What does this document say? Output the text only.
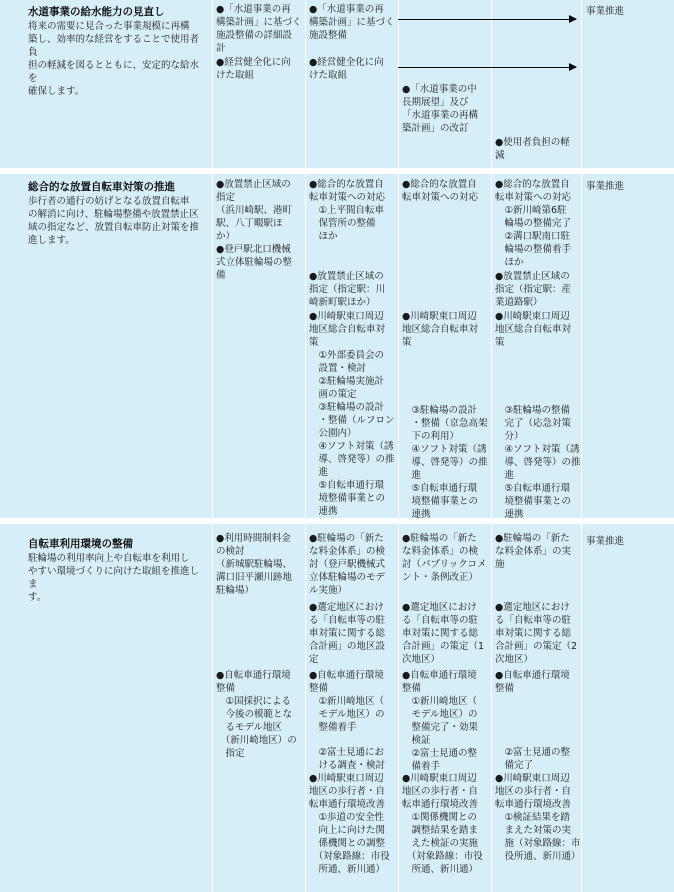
水道事業の給水能力の見直し
将来の需要に見合った事業規模に再構
築し、効率的な経営をすることで使用者負
担の軽減を図るとともに、安定的な給水を
確保します。
●「水道事業の再
構築計画」に基づく
施設整備の詳細設
計
●経営健全化に向
けた取組
●「水道事業の再
構築計画」に基づく
施設整備
●経営健全化に向
けた取組
●「水道事業の中
長期展望」及び
「水道事業の再構
築計画」の改訂
●使用者負担の軽
減
事業推進
総合的な放置自転車対策の推進
歩行者の通行の妨げとなる放置自転車
の解消に向け、駐輪場整備や放置禁止区
域の指定など、放置自転車防止対策を推
進します。
●放置禁止区域の
指定
（浜川崎駅、港町
駅、八丁畷駅ほ
か）
●登戸駅北口機械
式立体駐輪場の整
備
●総合的な放置自
転車対策への対応
　①上平間自転車
　保管所の整備
　ほか
●放置禁止区域の
指定（指定駅：川
崎新町駅ほか）
●川崎駅東口周辺
地区総合自転車対
策
　①外部委員会の
　設置・検討
　②駐輪場実施計
　画の策定
　③駐輪場の設計
　・整備（ルフロン
　公園内）
　④ソフト対策（誘
　導、啓発等）の推
　進
　⑤自転車通行環
　境整備事業との
　連携
●総合的な放置自
転車対策への対応
●川崎駅東口周辺
地区総合自転車対
策
　③駐輪場の設計
　・整備（京急高架
　下の利用）
　④ソフト対策（誘
　導、啓発等）の推
　進
　⑤自転車通行環
　境整備事業との
　連携
●総合的な放置自
転車対策への対応
　①新川崎第6駐
　輪場の整備完了
　②溝口駅南口駐
　輪場の整備着手
　ほか
●放置禁止区域の
指定（指定駅：産
業道路駅）
●川崎駅東口周辺
地区総合自転車対
策
　③駐輪場の整備
　完了（応急対策
　分）
　④ソフト対策（誘
　導、啓発等）の推
　進
　⑤自転車通行環
　境整備事業との
　連携
事業推進
自転車利用環境の整備
駐輪場の利用率向上や自転車を利用し
やすい環境づくりに向けた取組を推進しま
す。
●利用時間制料金
の検討
（新城駅駐輪場、
溝口旧平瀬川跡地
駐輪場）
●自転車通行環境
整備
　①国採択による
　今後の模範とな
　るモデル地区
　（新川崎地区）の
　指定
●駐輪場の「新た
な料金体系」の検
討（登戸駅機械式
立体駐輪場のモデ
ル実施）
●選定地区におけ
る「自転車等の駐
車対策に関する総
合計画」の地区設
定
●自転車通行環境
整備
　①新川崎地区（
　モデル地区）の
　整備着手
　②富士見通にお
　ける調査・検討
●川崎駅東口周辺
地区の歩行者・自
転車通行環境改善
　①歩道の安全性
　向上に向けた関
　係機関との調整
　（対象路線：市役
　所通、新川通）
●駐輪場の「新た
な料金体系」の検
討（パブリックコメ
ント・条例改正）
●選定地区におけ
る「自転車等の駐
車対策に関する総
合計画」の策定（1
次地区）
●自転車通行環境
整備
　①新川崎地区（
　モデル地区）の
　整備完了・効果
　検証
　②富士見通の整
　備着手
●川崎駅東口周辺
地区の歩行者・自
転車通行環境改善
　①関係機関との
　調整結果を踏ま
　えた検証の実施
　（対象路線：市役
　所通、新川通）
●駐輪場の「新た
な料金体系」の実
施
●選定地区におけ
る「自転車等の駐
車対策に関する総
合計画」の策定（2
次地区）
●自転車通行環境
整備
　②富士見通の整
　備完了
●川崎駅東口周辺
地区の歩行者・自
転車通行環境改善
　①検証結果を踏
　まえた対策の実
　施（対象路線：市
　役所通、新川通）
事業推進
